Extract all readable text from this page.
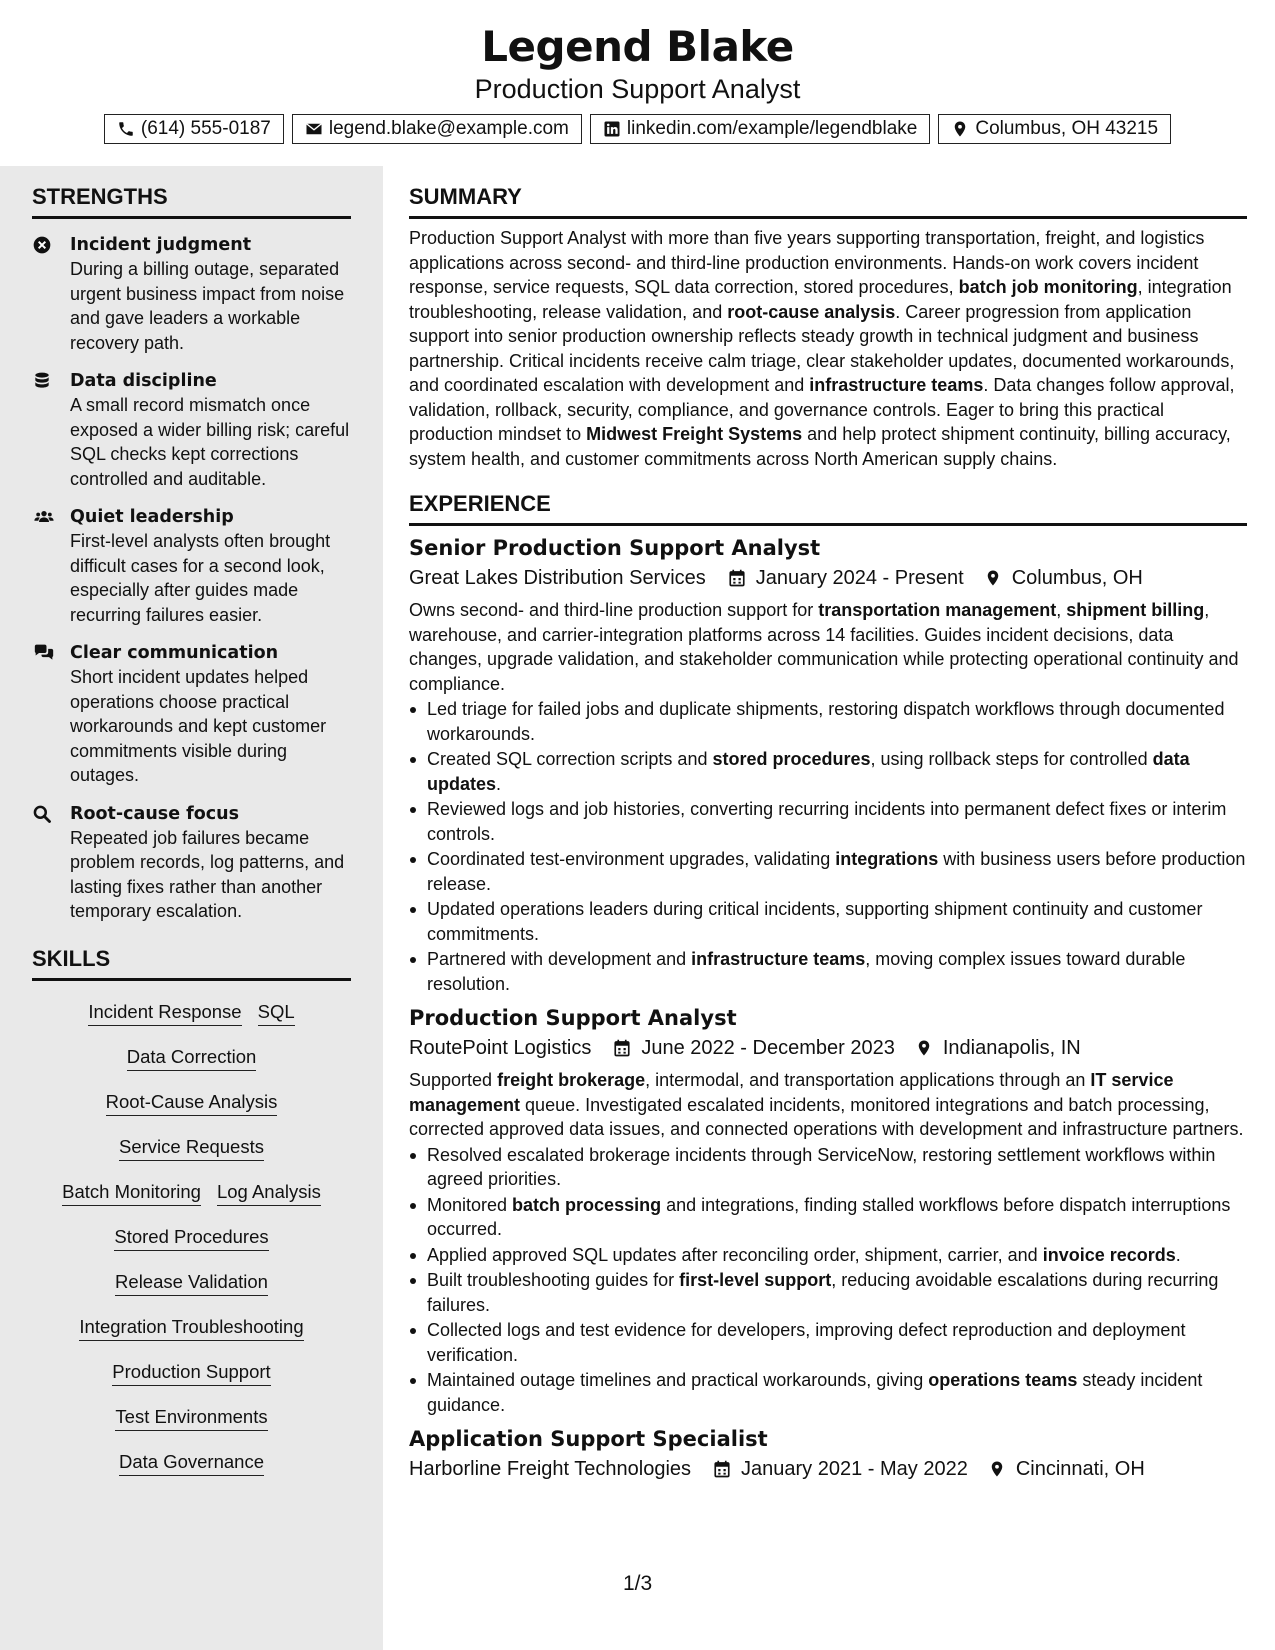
Legend Blake
Production Support Analyst
(614) 555-0187	legend.blake@example.com	linkedin.com/example/legendblake	Columbus, OH 43215
STRENGTHS
Incident judgment
During a billing outage, separated urgent business impact from noise and gave leaders a workable recovery path.
Data discipline
A small record mismatch once exposed a wider billing risk; careful SQL checks kept corrections controlled and auditable.
Quiet leadership
First-level analysts often brought difficult cases for a second look, especially after guides made recurring failures easier.
Clear communication
Short incident updates helped operations choose practical workarounds and kept customer commitments visible during outages.
Root-cause focus
Repeated job failures became problem records, log patterns, and lasting fixes rather than another temporary escalation.
SKILLS
Incident Response SQL
Data Correction
Root-Cause Analysis
Service Requests
Batch Monitoring Log Analysis
Stored Procedures
Release Validation
Integration Troubleshooting
Production Support
Test Environments
Data Governance
SUMMARY

Production Support Analyst with more than five years supporting transportation, freight, and logistics applications across second- and third-line production environments. Hands-on work covers incident response, service requests, SQL data correction, stored procedures, batch job monitoring, integration troubleshooting, release validation, and root-cause analysis. Career progression from application support into senior production ownership reflects steady growth in technical judgment and business partnership. Critical incidents receive calm triage, clear stakeholder updates, documented workarounds, and coordinated escalation with development and infrastructure teams. Data changes follow approval, validation, rollback, security, compliance, and governance controls. Eager to bring this practical production mindset to Midwest Freight Systems and help protect shipment continuity, billing accuracy, system health, and customer commitments across North American supply chains.

EXPERIENCE
Senior Production Support Analyst
Great Lakes Distribution Services	January 2024 - Present Columbus, OH

Owns second- and third-line production support for transportation management, shipment billing, warehouse, and carrier-integration platforms across 14 facilities. Guides incident decisions, data changes, upgrade validation, and stakeholder communication while protecting operational continuity and compliance.

Led triage for failed jobs and duplicate shipments, restoring dispatch workflows through documented workarounds.
Created SQL correction scripts and stored procedures, using rollback steps for controlled data updates.
Reviewed logs and job histories, converting recurring incidents into permanent defect fixes or interim controls.
Coordinated test-environment upgrades, validating integrations with business users before production release.
Updated operations leaders during critical incidents, supporting shipment continuity and customer commitments.
Partnered with development and infrastructure teams, moving complex issues toward durable resolution.
Production Support Analyst
RoutePoint Logistics	June 2022 - December 2023 Indianapolis, IN

Supported freight brokerage, intermodal, and transportation applications through an IT service management queue. Investigated escalated incidents, monitored integrations and batch processing, corrected approved data issues, and connected operations with development and infrastructure partners.

Resolved escalated brokerage incidents through ServiceNow, restoring settlement workflows within agreed priorities.
Monitored batch processing and integrations, finding stalled workflows before dispatch interruptions occurred.
Applied approved SQL updates after reconciling order, shipment, carrier, and invoice records.
Built troubleshooting guides for first-level support, reducing avoidable escalations during recurring failures.
Collected logs and test evidence for developers, improving defect reproduction and deployment verification.
Maintained outage timelines and practical workarounds, giving operations teams steady incident guidance.
Application Support Specialist
Harborline Freight Technologies	January 2021 - May 2022 Cincinnati, OH
1/3
